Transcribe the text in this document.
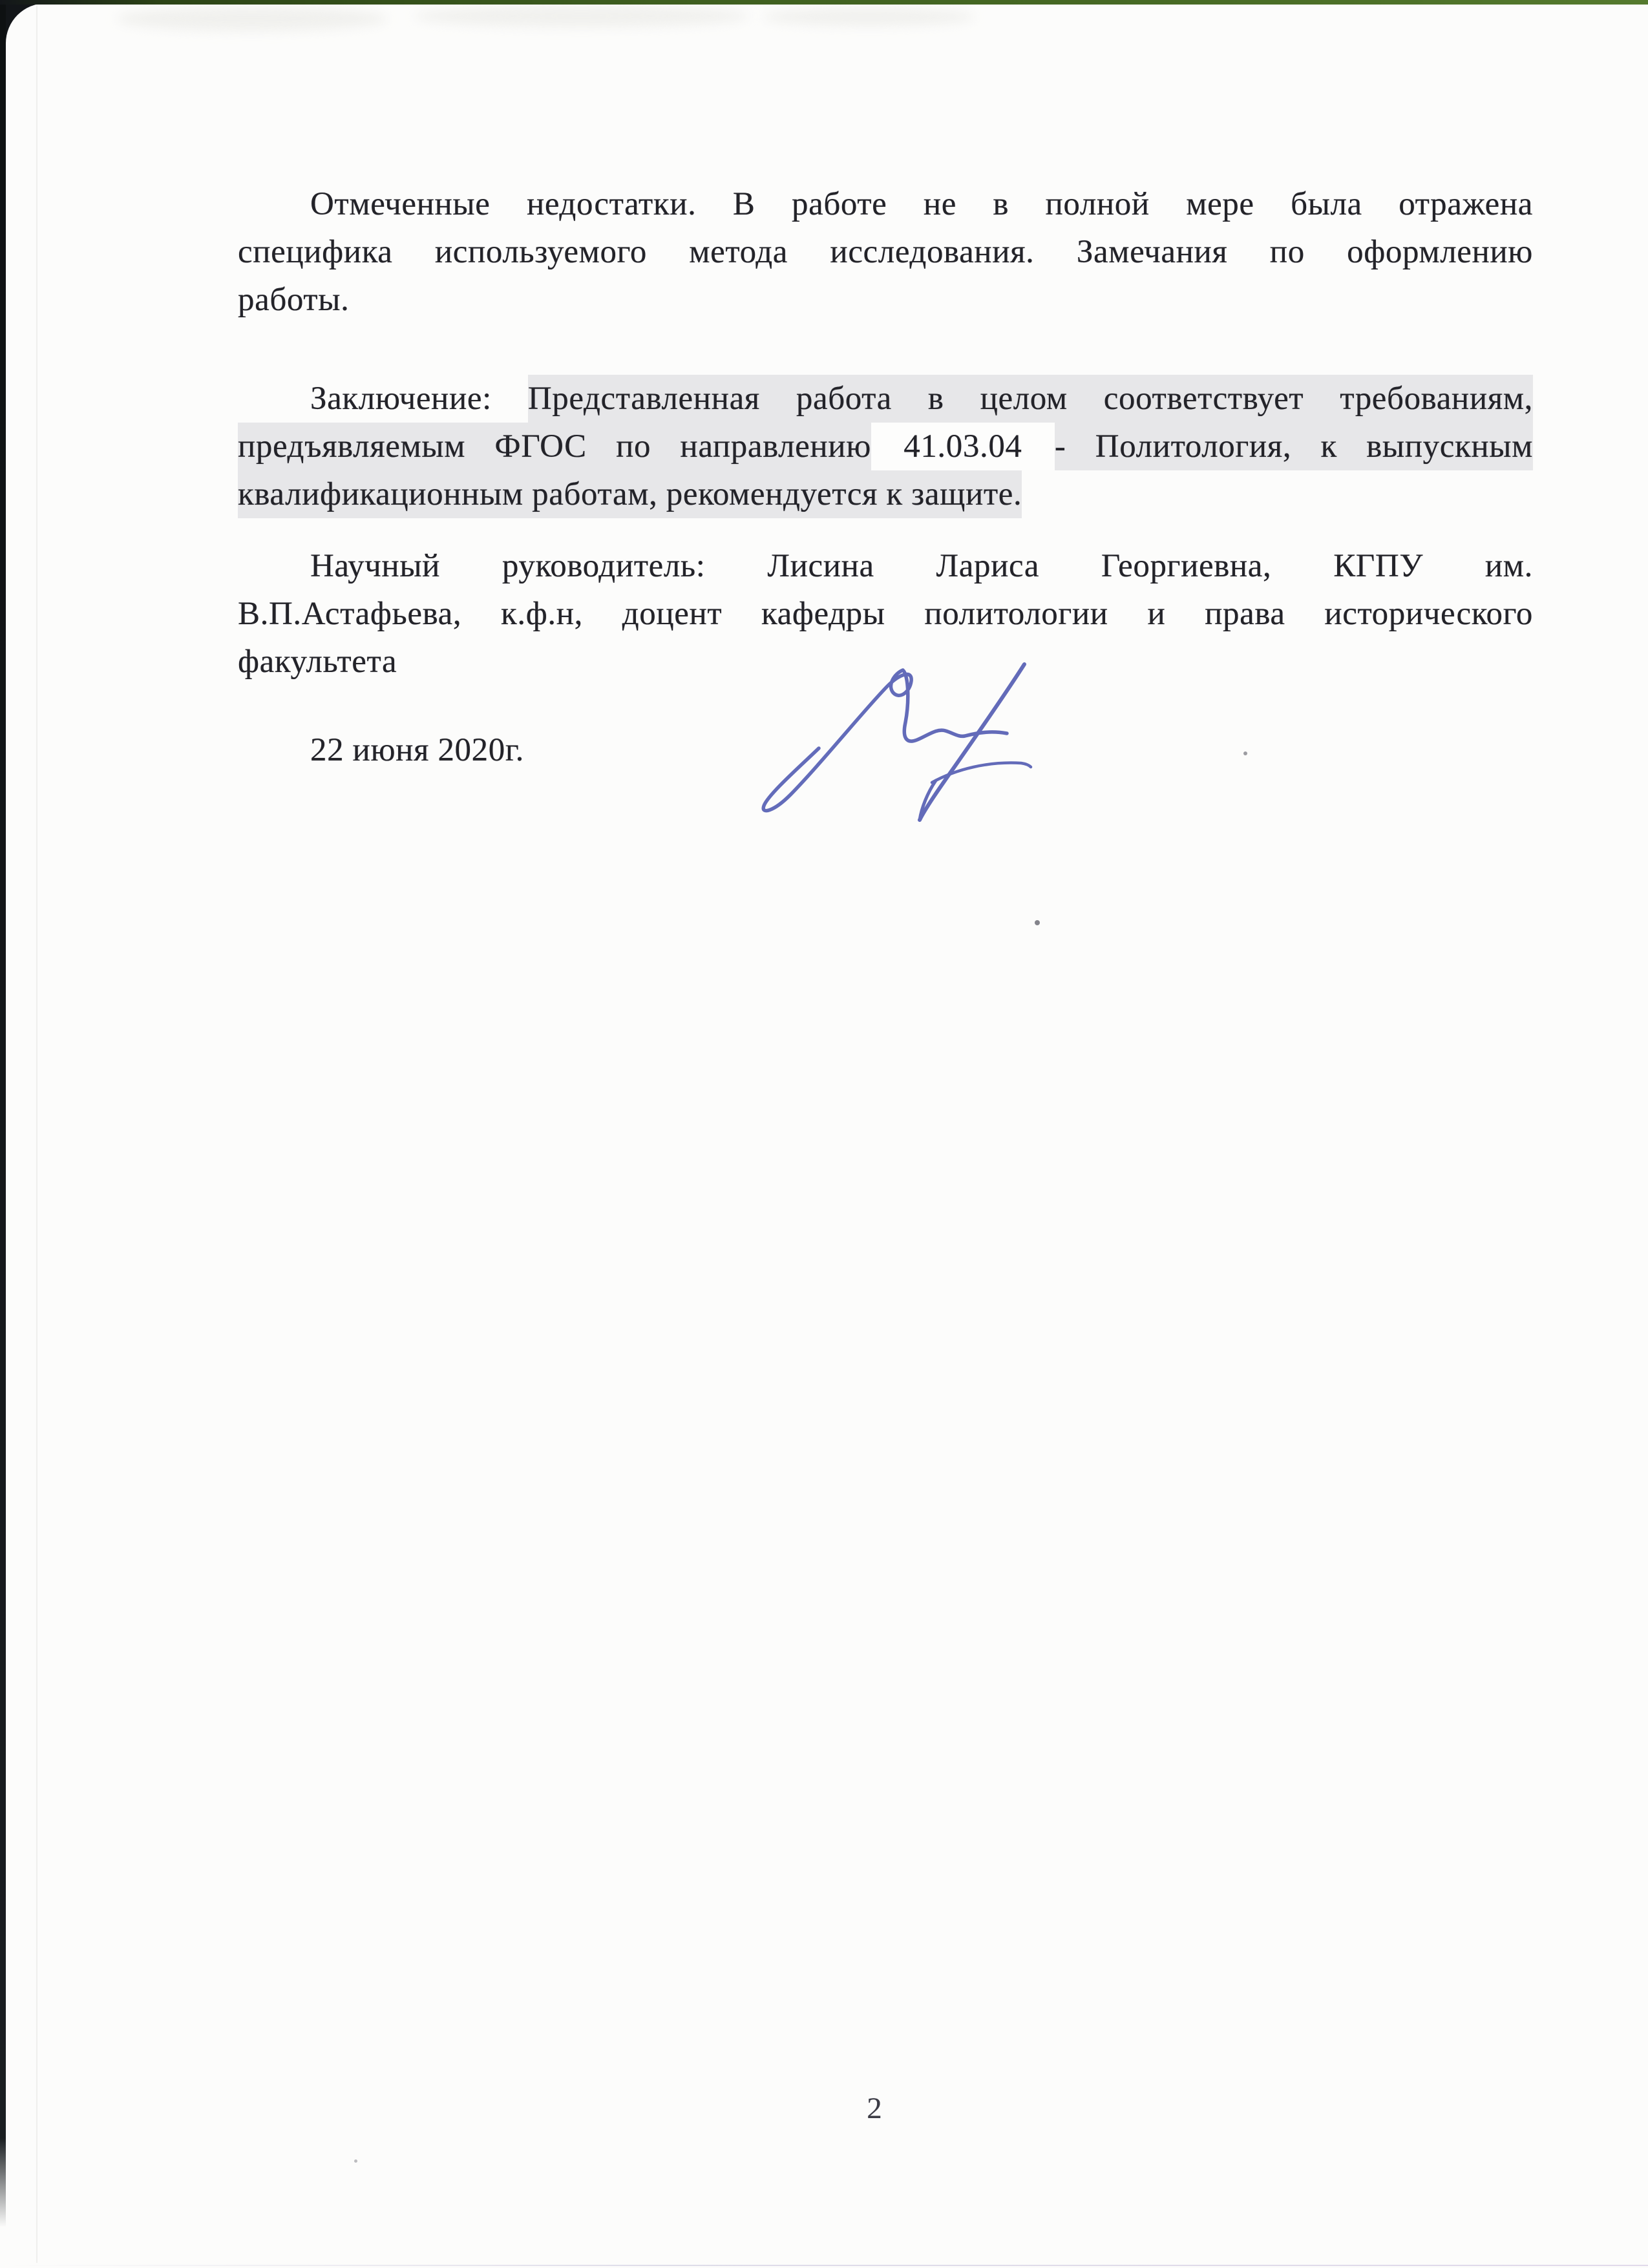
Отмеченные недостатки. В работе не в полной мере была отражена
специфика используемого метода исследования. Замечания по оформлению
работы.
Заключение: Представленная работа в целом соответствует требованиям,
предъявляемым ФГОС по направлению 41.03.04 - Политология, к выпускным
квалификационным работам, рекомендуется к защите.
Научный руководитель: Лисина Лариса Георгиевна, КГПУ им.
В.П.Астафьева, к.ф.н, доцент кафедры политологии и права исторического
факультета
22 июня 2020г.
2
